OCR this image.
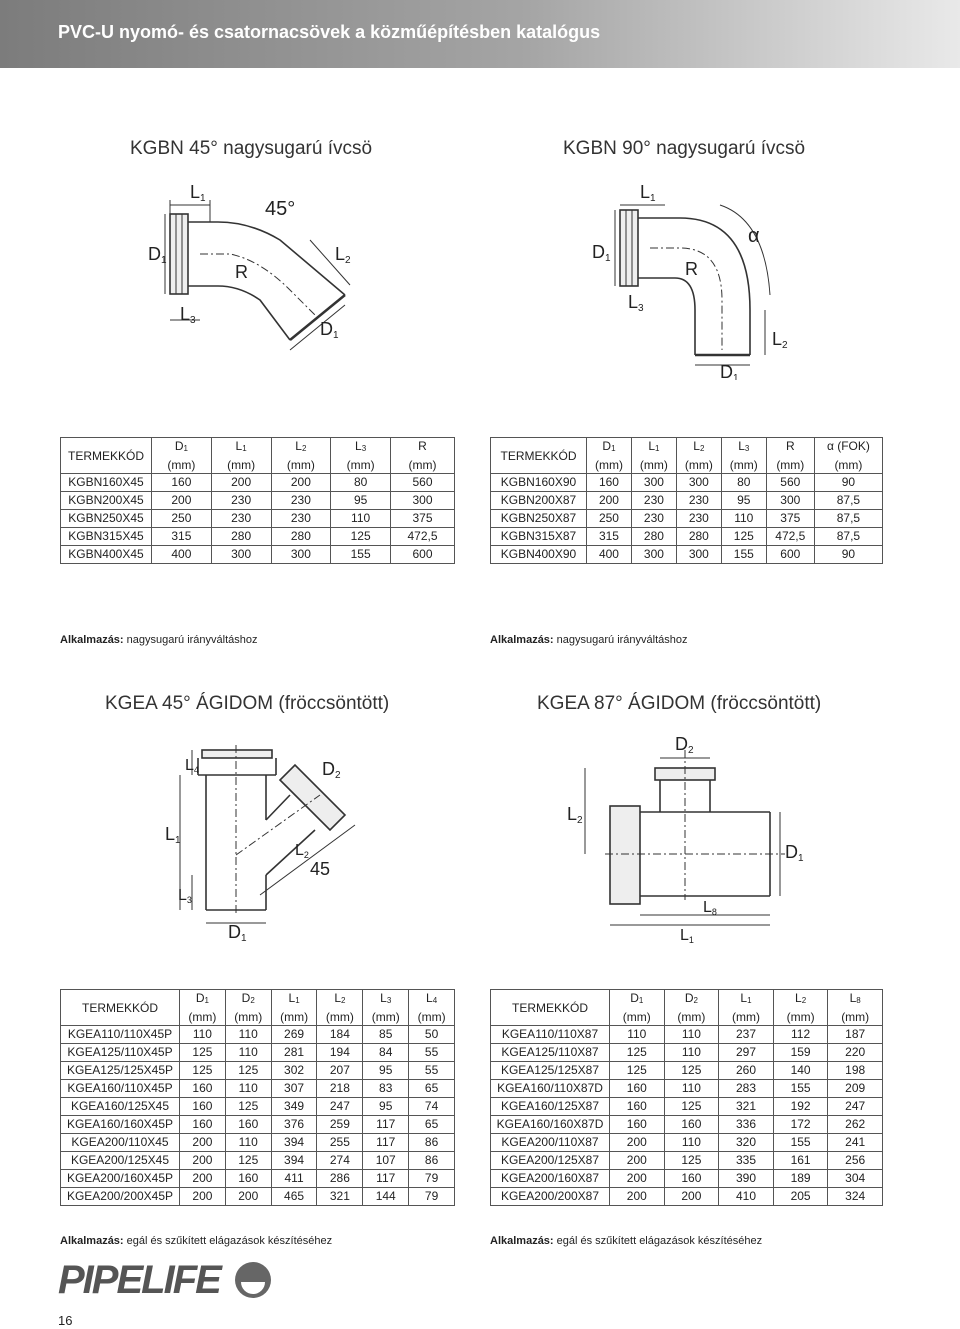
PVC-U nyomó- és csatornacsövek a közműépítésben katalógus
KGBN 45° nagysugarú ívcsö	KGBN 90° nagysugarú ívcsö
L1	45°
D1
R
L2
L3	D1
L1
α
D1
R
L3
L2
D1
TERMEKKÓD	$D_1$	$L_1$	$L_2$	$L_3$	R
	(mm)	(mm)	(mm)	(mm)	(mm)
KGBN160X45	160	200	200	80	560
KGBN200X45	200	230	230	95	300
KGBN250X45	250	230	230	110	375
KGBN315X45	315	280	280	125	472,5
KGBN400X45	400	300	300	155	600
TERMEKKÓD	$D_1$	$L_1$	$L_2$	$L_3$	R	α (FOK)
	(mm)	(mm)	(mm)	(mm)	(mm)	(mm)
KGBN160X90	160	300	300	80	560	90
KGBN200X87	200	230	230	95	300	87,5
KGBN250X87	250	230	230	110	375	87,5
KGBN315X87	315	280	280	125	472,5	87,5
KGBN400X90	400	300	300	155	600	90
Alkalmazás: nagysugarú irányváltáshoz	Alkalmazás: nagysugarú irányváltáshoz
KGEA 45° ÁGIDOM (fröccsöntött)	KGEA 87° ÁGIDOM (fröccsöntött)
L1
L4	D2
L2
45
L3
D1
D2
L2
D1
L8
L1
TERMEKKÓD	$D_1$	$D_2$	$L_1$	$L_2$	$L_3$	$L_4$
	(mm)	(mm)	(mm)	(mm)	(mm)	(mm)
KGEA110/110X45P	110	110	269	184	85	50
KGEA125/110X45P	125	110	281	194	84	55
KGEA125/125X45P	125	125	302	207	95	55
KGEA160/110X45P	160	110	307	218	83	65
KGEA160/125X45	160	125	349	247	95	74
KGEA160/160X45P	160	160	376	259	117	65
KGEA200/110X45	200	110	394	255	117	86
KGEA200/125X45	200	125	394	274	107	86
KGEA200/160X45P	200	160	411	286	117	79
KGEA200/200X45P	200	200	465	321	144	79
TERMEKKÓD	$D_1$	$D_2$	$L_1$	$L_2$	$L_8$
	(mm)	(mm)	(mm)	(mm)	(mm)
KGEA110/110X87	110	110	237	112	187
KGEA125/110X87	125	110	297	159	220
KGEA125/125X87	125	125	260	140	198
KGEA160/110X87D	160	110	283	155	209
KGEA160/125X87	160	125	321	192	247
KGEA160/160X87D	160	160	336	172	262
KGEA200/110X87	200	110	320	155	241
KGEA200/125X87	200	125	335	161	256
KGEA200/160X87	200	160	390	189	304
KGEA200/200X87	200	200	410	205	324
Alkalmazás: egál és szűkített elágazások készítéséhez	Alkalmazás: egál és szűkített elágazások készítéséhez
PIPELIFE
16
